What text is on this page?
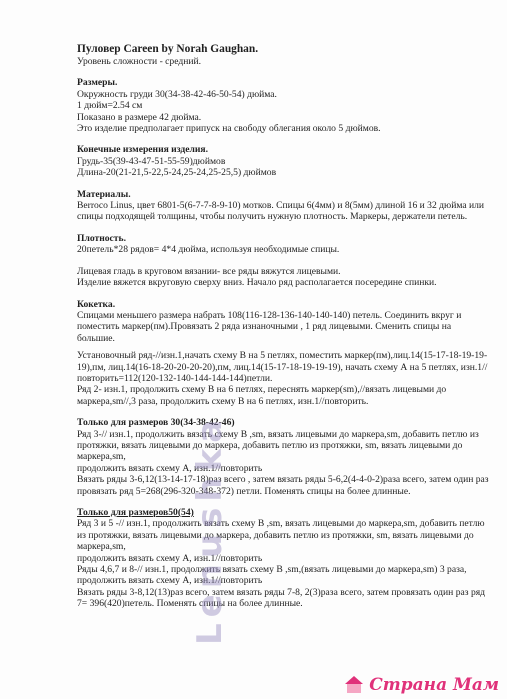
Пуловер Careen by Norah Gaughan.

Уровень сложности - средний.

Размеры.

Окружность груди 30(34-38-42-46-50-54) дюйма.

1 дюйм=2.54 см

Показано в размере 42 дюйма.

Это изделие предполагает припуск на свободу облегания около 5 дюймов.

Конечные измерения изделия.

Грудь-35(39-43-47-51-55-59)дюймов

Длина-20(21-21,5-22,5-24,25-24,25-25,5) дюймов

Материалы.

Berroco Linus, цвет 6801-5(6-7-7-8-9-10) мотков. Спицы 6(4мм) и 8(5мм) длиной 16 и 32 дюйма или спицы подходящей толщины, чтобы получить нужную плотность. Маркеры, держатели петель.

Плотность.

20петель*28 рядов= 4*4 дюйма, используя необходимые спицы.

Лицевая гладь в круговом вязании- все ряды вяжутся лицевыми.

Изделие вяжется вкруговую сверху вниз. Начало ряд располагается посередине спинки.

Кокетка.

Спицами меньшего размера набрать 108(116-128-136-140-140-140) петель. Соединить вкруг и поместить маркер(пм).Провязать 2 ряда изнаночными , 1 ряд лицевыми. Сменить спицы на большие.

Установочный ряд-//изн.1,начать схему В на 5 петлях, поместить маркер(пм),лиц.14(15-17-18-19-19-19),пм, лиц.14(16-18-20-20-20-20),пм, лиц.14(15-17-18-19-19-19), начать схему А на 5 петлях, изн.1// повторить=112(120-132-140-144-144-144)петли.

Ряд 2- изн.1, продолжить схему В на 6 петлях, переснять маркер(sm),//вязать лицевыми до маркера,sm//,3 раза, продолжить схему В на 6 петлях, изн.1//повторить.

Только для размеров 30(34-38-42-46)

Ряд 3-// изн.1, продолжить вязать схему В ,sm, вязать лицевыми до маркера,sm, добавить петлю из протяжки, вязать лицевыми до маркера, добавить петлю из протяжки, sm, вязать лицевыми до маркера,sm,

продолжить вязать схему А, изн.1//повторить

Вязать ряды 3-6,12(13-14-17-18)раз всего , затем вязать ряды 5-6,2(4-4-0-2)раза всего, затем один раз провязать ряд 5=268(296-320-348-372) петли. Поменять спицы на более длинные.

Только для размеров50(54)

Ряд 3 и 5 -// изн.1, продолжить вязать схему В ,sm, вязать лицевыми до маркера,sm, добавить петлю из протяжки, вязать лицевыми до маркера, добавить петлю из протяжки, sm, вязать лицевыми до маркера,sm,

продолжить вязать схему А, изн.1//повторить

Ряды 4,6,7 и 8-// изн.1, продолжить вязать схему В ,sm,(вязать лицевыми до маркера,sm) 3 раза, продолжить вязать схему А, изн.1//повторить

Вязать ряды 3-8,12(13)раз всего, затем вязать ряды 7-8, 2(3)раза всего, затем провязать один раз ряд 7= 396(420)петель. Поменять спицы на более длинные.

Lenushka
Страна Мам
